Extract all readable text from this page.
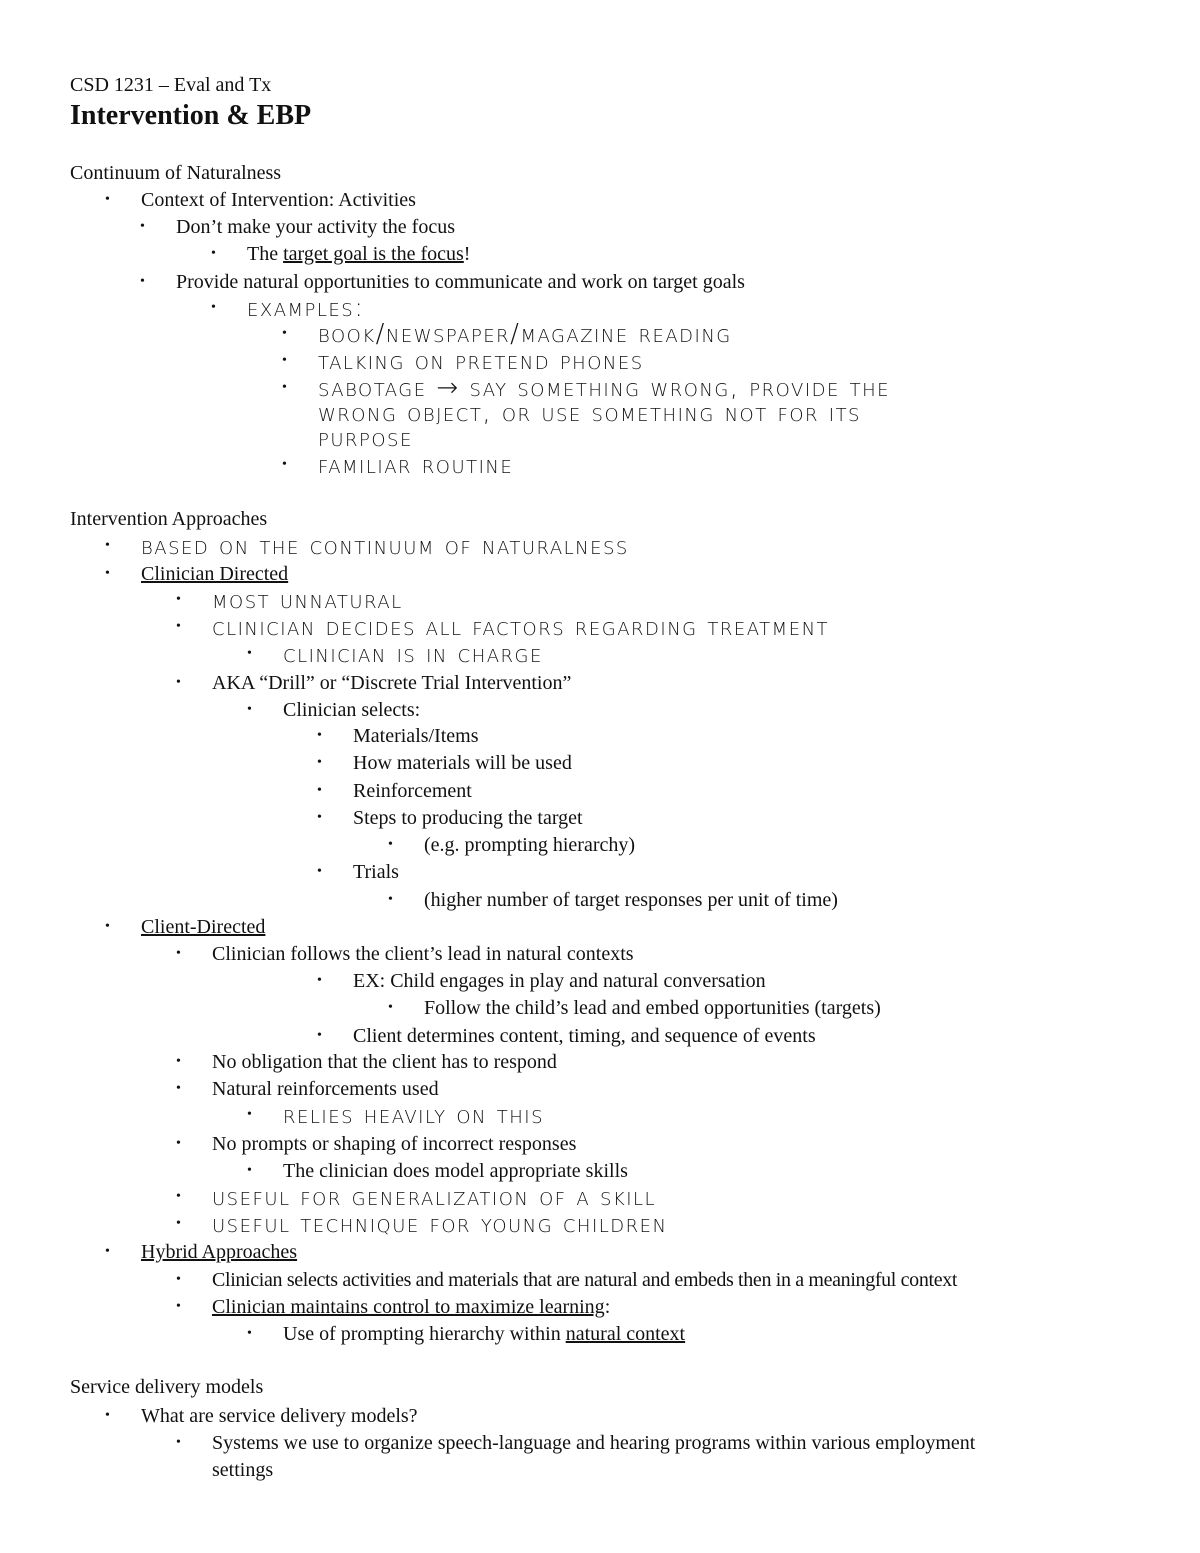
CSD 1231 – Eval and Tx
Intervention & EBP
Continuum of Naturalness
• Context of Intervention: Activities
• Don’t make your activity the focus
• The target goal is the focus!
• Provide natural opportunities to communicate and work on target goals
• examples:
• book/newspaper/magazine reading
• talking on pretend phones
• sabotage → say something wrong, provide the
wrong object, or use something not for its
purpose
• familiar routine
Intervention Approaches
• based on the continuum of naturalness
• Clinician Directed
• most unnatural
• clinician decides all factors regarding treatment
• clinician is in charge
• AKA “Drill” or “Discrete Trial Intervention”
• Clinician selects:
• Materials/Items
• How materials will be used
• Reinforcement
• Steps to producing the target
• (e.g. prompting hierarchy)
• Trials
• (higher number of target responses per unit of time)
• Client-Directed
• Clinician follows the client’s lead in natural contexts
• EX: Child engages in play and natural conversation
• Follow the child’s lead and embed opportunities (targets)
• Client determines content, timing, and sequence of events
• No obligation that the client has to respond
• Natural reinforcements used
• relies heavily on this
• No prompts or shaping of incorrect responses
• The clinician does model appropriate skills
• useful for generalization of a skill
• useful technique for young children
• Hybrid Approaches
• Clinician selects activities and materials that are natural and embeds then in a meaningful context
• Clinician maintains control to maximize learning:
• Use of prompting hierarchy within natural context
Service delivery models
• What are service delivery models?
• Systems we use to organize speech-language and hearing programs within various employment
settings
